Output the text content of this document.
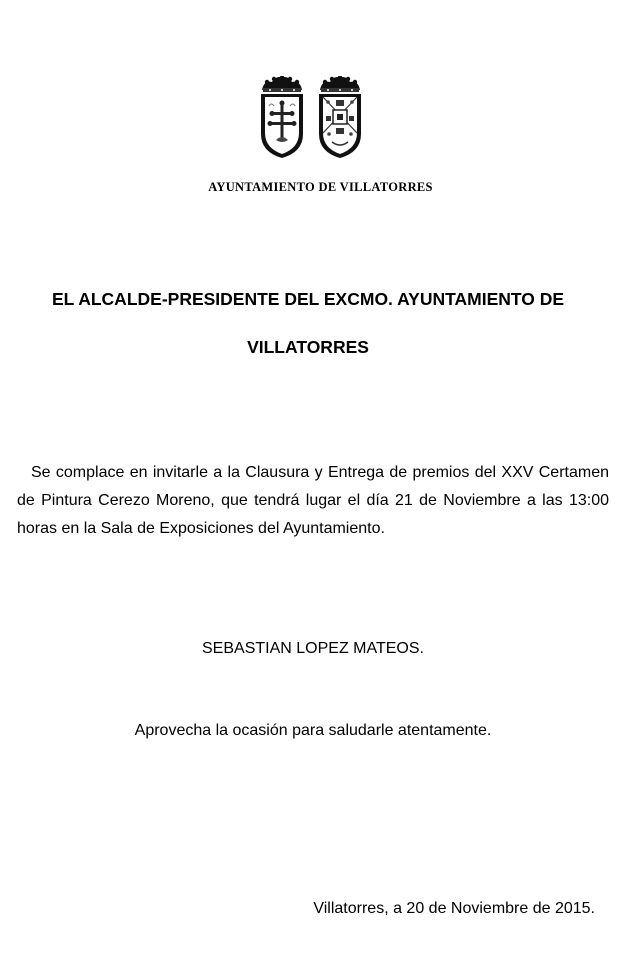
AYUNTAMIENTO DE VILLATORRES
EL ALCALDE-PRESIDENTE DEL EXCMO. AYUNTAMIENTO DE
VILLATORRES
Se complace en invitarle a la Clausura y Entrega de premios del XXV Certamen de Pintura Cerezo Moreno, que tendrá lugar el día 21 de Noviembre a las 13:00 horas en la Sala de Exposiciones del Ayuntamiento.
SEBASTIAN LOPEZ MATEOS.
Aprovecha la ocasión para saludarle atentamente.
Villatorres, a 20 de Noviembre de 2015.
